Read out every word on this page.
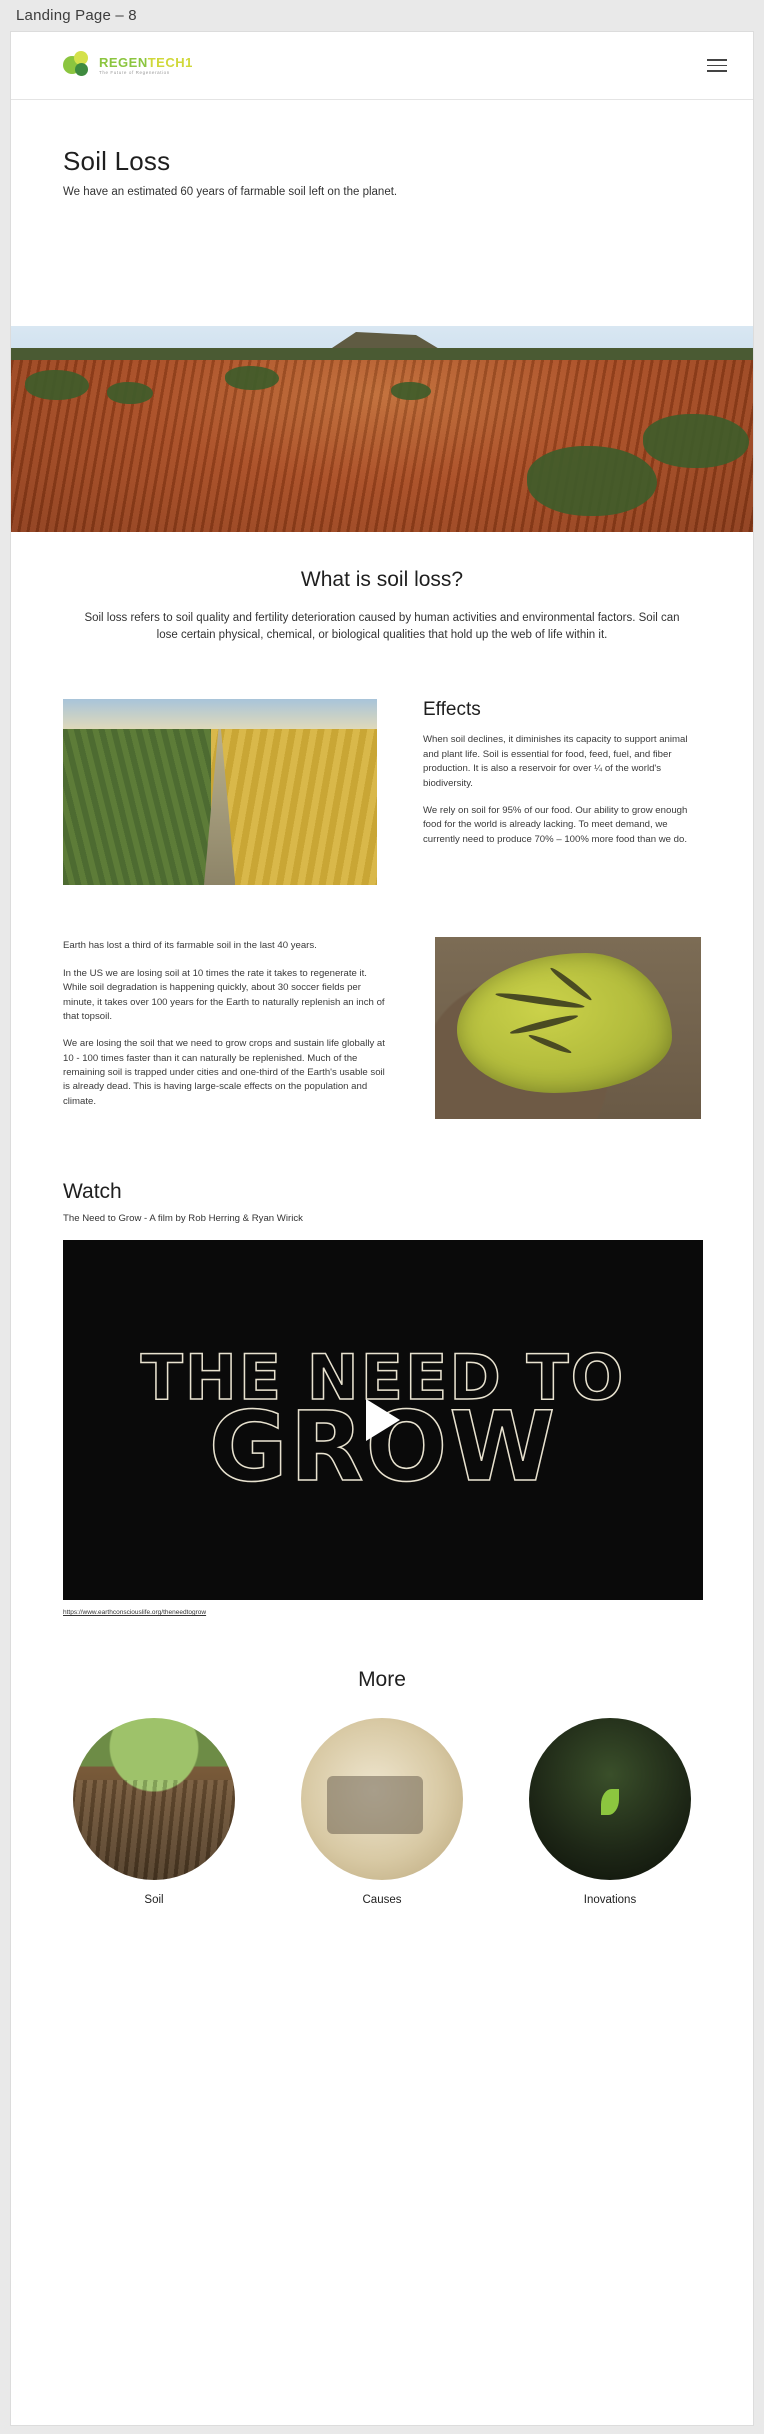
Landing Page – 8
REGENTECH1
The Future of Regeneration
Soil Loss

We have an estimated 60 years of farmable soil left on the planet.

What is soil loss?

Soil loss refers to soil quality and fertility deterioration caused by human activities and environmental factors. Soil can lose certain physical, chemical, or biological qualities that hold up the web of life within it.

Effects

When soil declines, it diminishes its capacity to support animal and plant life. Soil is essential for food, feed, fuel, and fiber production. It is also a reservoir for over ¼ of the world's biodiversity.

We rely on soil for 95% of our food. Our ability to grow enough food for the world is already lacking. To meet demand, we currently need to produce 70% – 100% more food than we do.

Earth has lost a third of its farmable soil in the last 40 years.

In the US we are losing soil at 10 times the rate it takes to regenerate it. While soil degradation is happening quickly, about 30 soccer fields per minute, it takes over 100 years for the Earth to naturally replenish an inch of that topsoil.

We are losing the soil that we need to grow crops and sustain life globally at 10 - 100 times faster than it can naturally be replenished. Much of the remaining soil is trapped under cities and one-third of the Earth's usable soil is already dead. This is having large-scale effects on the population and climate.

Watch

The Need to Grow - A film by Rob Herring & Ryan Wirick

THE NEED TO
GROW
https://www.earthconsciouslife.org/theneedtogrow
More
Soil	Causes	Inovations
